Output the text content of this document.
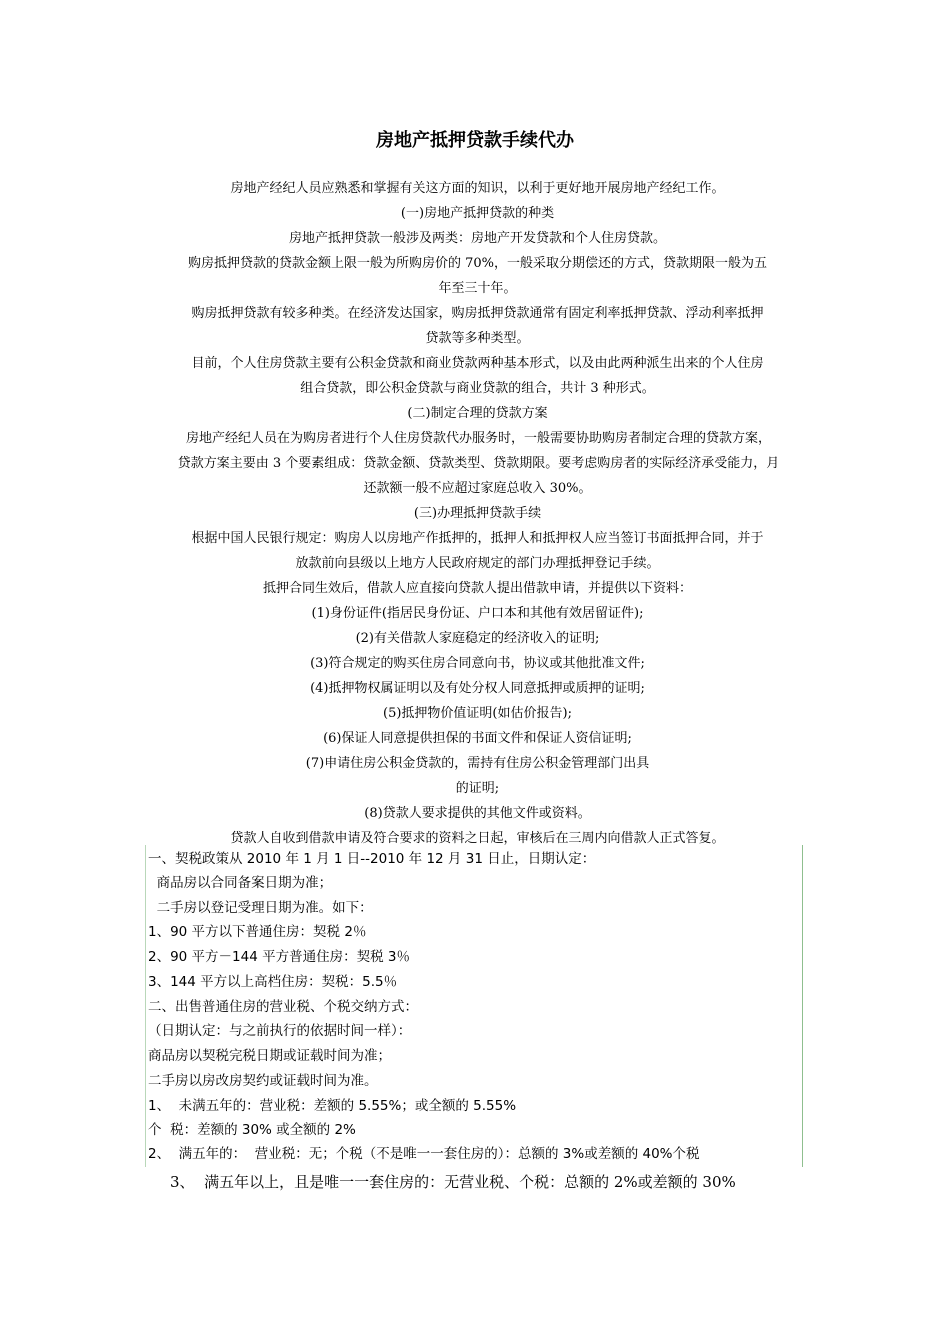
房地产抵押贷款手续代办

房地产经纪人员应熟悉和掌握有关这方面的知识，以利于更好地开展房地产经纪工作。

(一)房地产抵押贷款的种类

房地产抵押贷款一般涉及两类：房地产开发贷款和个人住房贷款。

购房抵押贷款的贷款金额上限一般为所购房价的 70%，一般采取分期偿还的方式，贷款期限一般为五

年至三十年。

购房抵押贷款有较多种类。在经济发达国家，购房抵押贷款通常有固定利率抵押贷款、浮动利率抵押

贷款等多种类型。

目前，个人住房贷款主要有公积金贷款和商业贷款两种基本形式，以及由此两种派生出来的个人住房

组合贷款，即公积金贷款与商业贷款的组合，共计 3 种形式。

(二)制定合理的贷款方案

房地产经纪人员在为购房者进行个人住房贷款代办服务时，一般需要协助购房者制定合理的贷款方案，

贷款方案主要由 3 个要素组成：贷款金额、贷款类型、贷款期限。要考虑购房者的实际经济承受能力，月

还款额一般不应超过家庭总收入 30%。

(三)办理抵押贷款手续

根据中国人民银行规定：购房人以房地产作抵押的，抵押人和抵押权人应当签订书面抵押合同，并于

放款前向县级以上地方人民政府规定的部门办理抵押登记手续。

抵押合同生效后，借款人应直接向贷款人提出借款申请，并提供以下资料：

(1)身份证件(指居民身份证、户口本和其他有效居留证件);

(2)有关借款人家庭稳定的经济收入的证明;

(3)符合规定的购买住房合同意向书，协议或其他批准文件;

(4)抵押物权属证明以及有处分权人同意抵押或质押的证明;

(5)抵押物价值证明(如估价报告);

(6)保证人同意提供担保的书面文件和保证人资信证明;

(7)申请住房公积金贷款的，需持有住房公积金管理部门出具

的证明;

(8)贷款人要求提供的其他文件或资料。

贷款人自收到借款申请及符合要求的资料之日起，审核后在三周内向借款人正式答复。

一、契税政策从 2010 年 1 月 1 日--2010 年 12 月 31 日止，日期认定：
商品房以合同备案日期为准；
二手房以登记受理日期为准。如下：
1、90 平方以下普通住房：契税 2％
2、90 平方－144 平方普通住房：契税 3％
3、144 平方以上高档住房：契税：5.5％
二、出售普通住房的营业税、个税交纳方式：
（日期认定：与之前执行的依据时间一样）：
商品房以契税完税日期或证载时间为准；
二手房以房改房契约或证载时间为准。
1、  未满五年的：营业税：差额的 5.55%；或全额的 5.55%
个  税：差额的 30% 或全额的 2%
2、  满五年的：  营业税：无；个税（不是唯一一套住房的）：总额的 3%或差额的 40%个税
3、  满五年以上，且是唯一一套住房的：无营业税、个税：总额的 2%或差额的 30%
